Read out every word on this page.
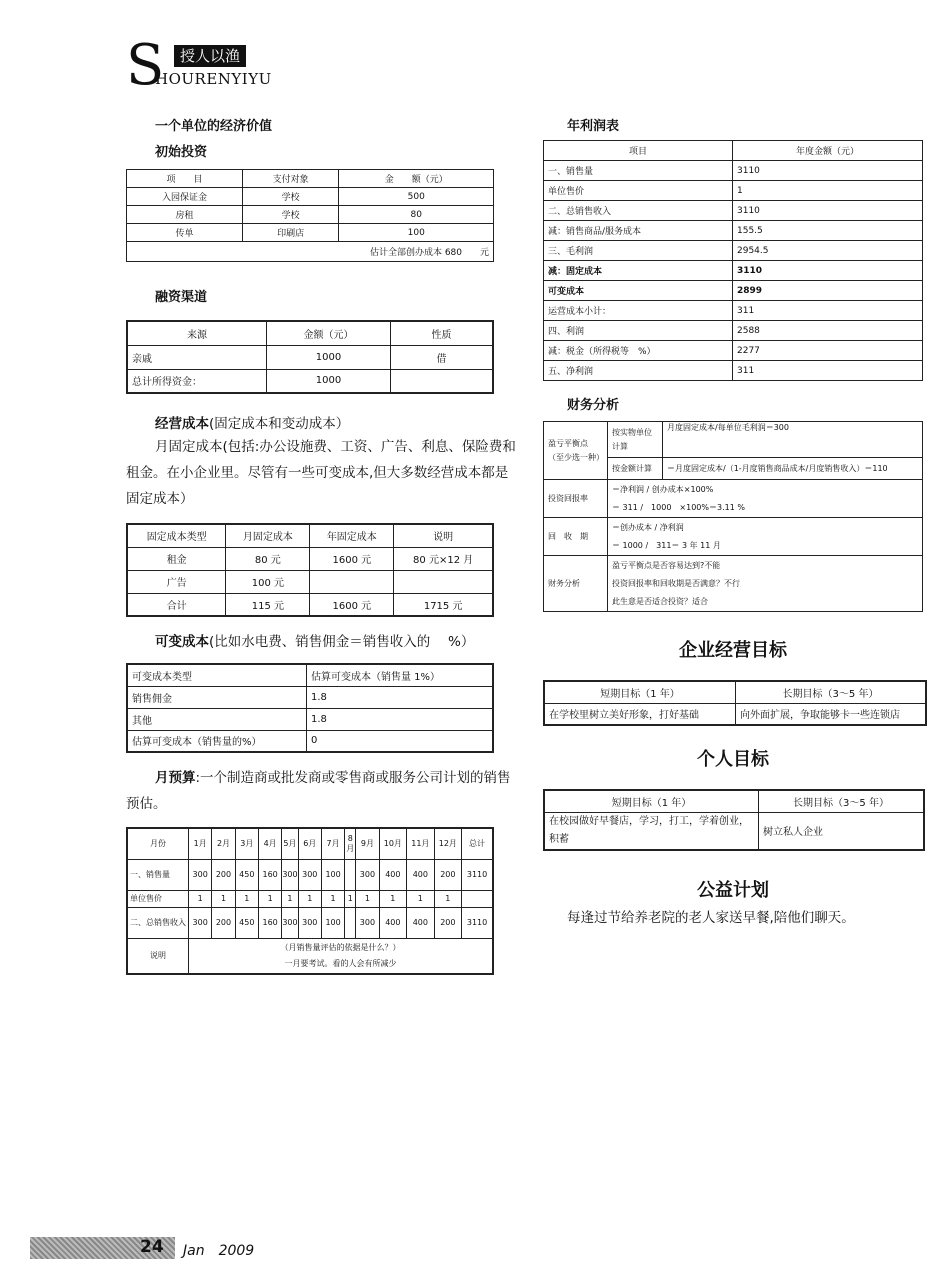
S	授人以渔
HOURENYIYU
一个单位的经济价值
初始投资
项　　目	支付对象	金　　额（元）
入园保证金	学校	500
房租	学校	80
传单	印刷店	100
估计全部创办成本 680　　元		
融资渠道
来源	金额（元）	性质
亲戚	1000	借
总计所得资金：	1000	
经营成本(固定成本和变动成本）
月固定成本(包括:办公设施费、工资、广告、利息、保险费和租金。在小企业里。尽管有一些可变成本,但大多数经营成本都是固定成本）
固定成本类型	月固定成本	年固定成本	说明
租金	80 元	1600 元	80 元×12 月
广告	100 元		
合计	115 元	1600 元	1715 元
可变成本(比如水电费、销售佣金＝销售收入的　 %）
可变成本类型	估算可变成本（销售量 1%）
销售佣金	1.8
其他	1.8
估算可变成本（销售量的%）	0
月预算:一个制造商或批发商或零售商或服务公司计划的销售预估。
月份	1月	2月	3月	4月	5月	6月	7月	8月	9月	10月	11月	12月	总计
一、销售量	300	200	450	160	300	300	100		300	400	400	200	3110
单位售价	1	1	1	1	1	1	1	1	1	1	1	1	
二、总销售收入	300	200	450	160	300	300	100		300	400	400	200	3110
说明	（月销售量评估的依据是什么？）
一月要考试。看的人会有所减少												
年利润表
项目	年度金额（元）
一、销售量	3110
单位售价	1
二、总销售收入	3110
减：销售商品/服务成本	155.5
三、毛利润	2954.5
减：固定成本	3110
可变成本	2899
运营成本小计：	311
四、利润	2588
减：税金（所得税等　%）	2277
五、净利润	311
财务分析
盈亏平衡点（至少选一种）	按实物单位计算	月度固定成本/每单位毛利润＝300
	按金额计算	＝月度固定成本/（1-月度销售商品成本/月度销售收入）＝110
投资回报率	＝净利润 / 创办成本×100%
＝ 311 /　1000　×100%＝3.11 %	

回　收　期	＝创办成本 / 净利润
＝ 1000 /　311＝ 3 年 11 月	

财务分析	盈亏平衡点是否容易达到?不能
投资回报率和回收期是否满意？不行
此生意是否适合投资？适合	
企业经营目标
短期目标（1 年）	长期目标（3～5 年）
在学校里树立美好形象，打好基础	向外面扩展，争取能够卡一些连锁店
个人目标
短期目标（1 年）	长期目标（3～5 年）
在校园做好早餐店，学习，打工，学着创业，积蓄	树立私人企业
公益计划
每逢过节给养老院的老人家送早餐,陪他们聊天。
24 Jan　2009
